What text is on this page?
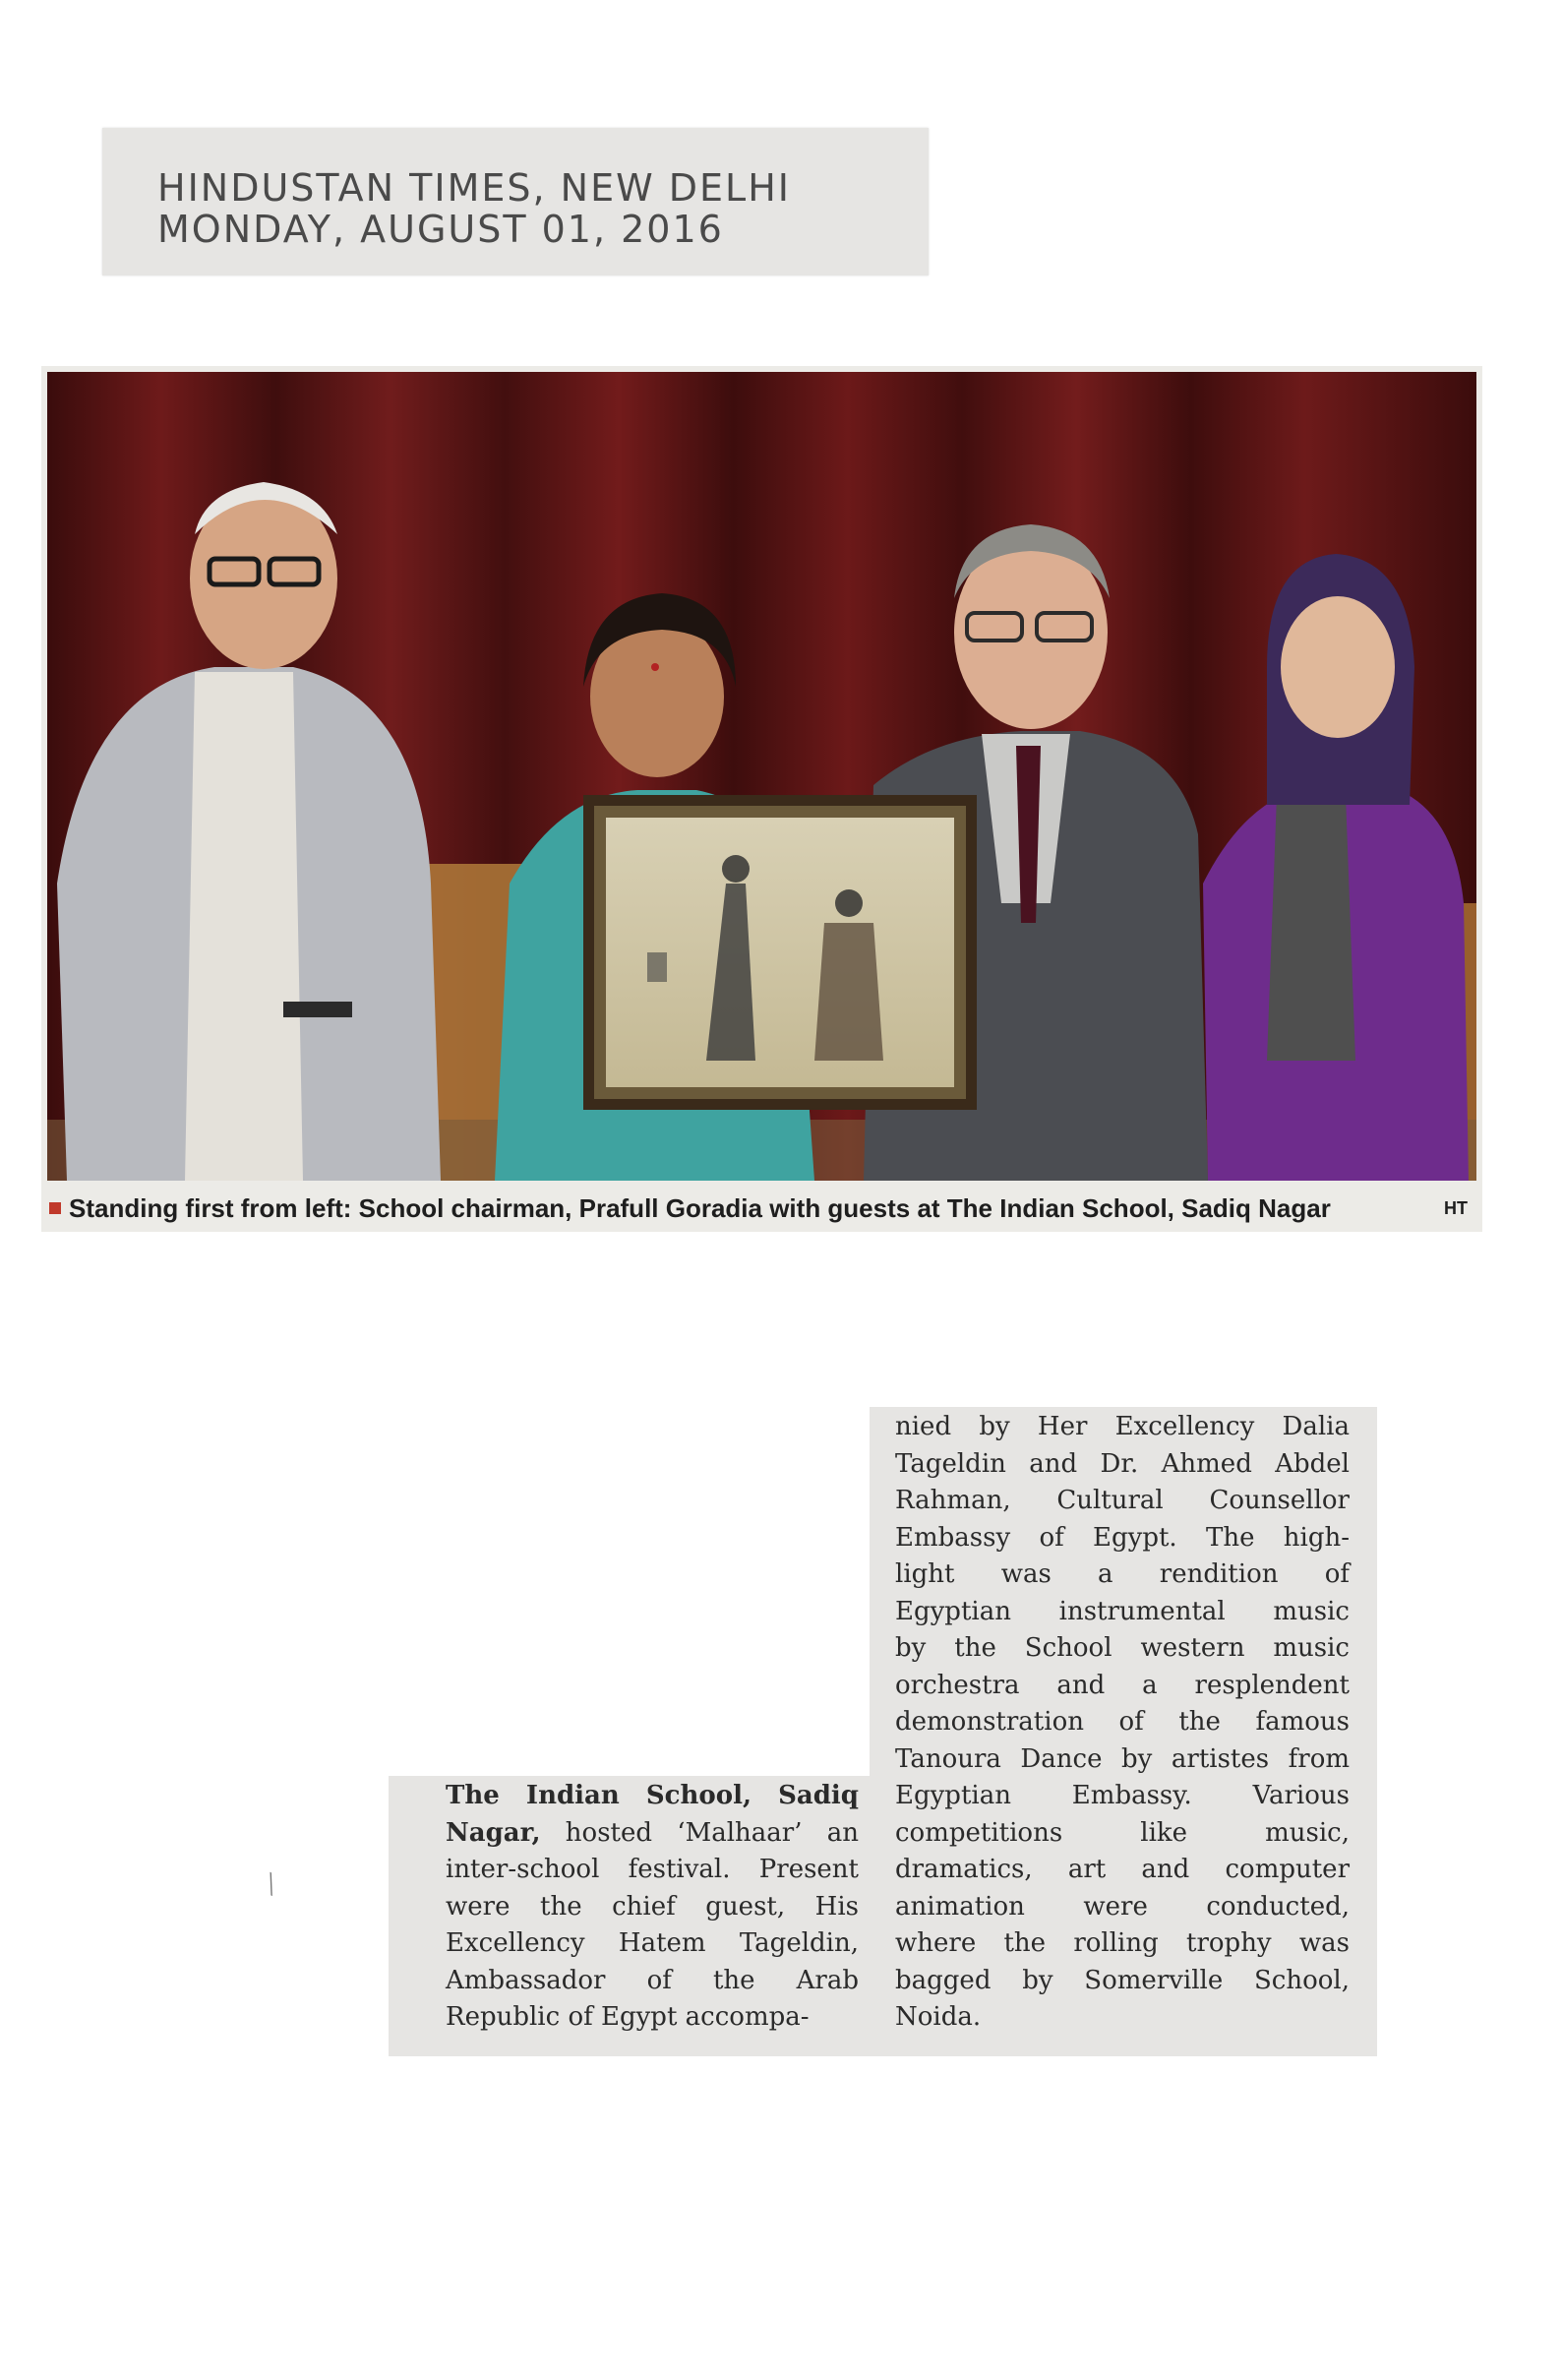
HINDUSTAN TIMES, NEW DELHI
MONDAY, AUGUST 01, 2016
Standing first from left: School chairman, Prafull Goradia with guests at The Indian School, Sadiq Nagar	HT
nied by Her Excellency Dalia
Tageldin and Dr. Ahmed Abdel
Rahman, Cultural Counsellor
Embassy of Egypt. The high-
light was a rendition of
Egyptian instrumental music
by the School western music
orchestra and a resplendent
demonstration of the famous
Tanoura Dance by artistes from
Egyptian Embassy. Various
competitions like music,
dramatics, art and computer
animation were conducted,
where the rolling trophy was
bagged by Somerville School,
Noida.
The Indian School, Sadiq
Nagar, hosted ‘Malhaar’ an
inter-school festival. Present
were the chief guest, His
Excellency Hatem Tageldin,
Ambassador of the Arab
Republic of Egypt accompa-
╲
